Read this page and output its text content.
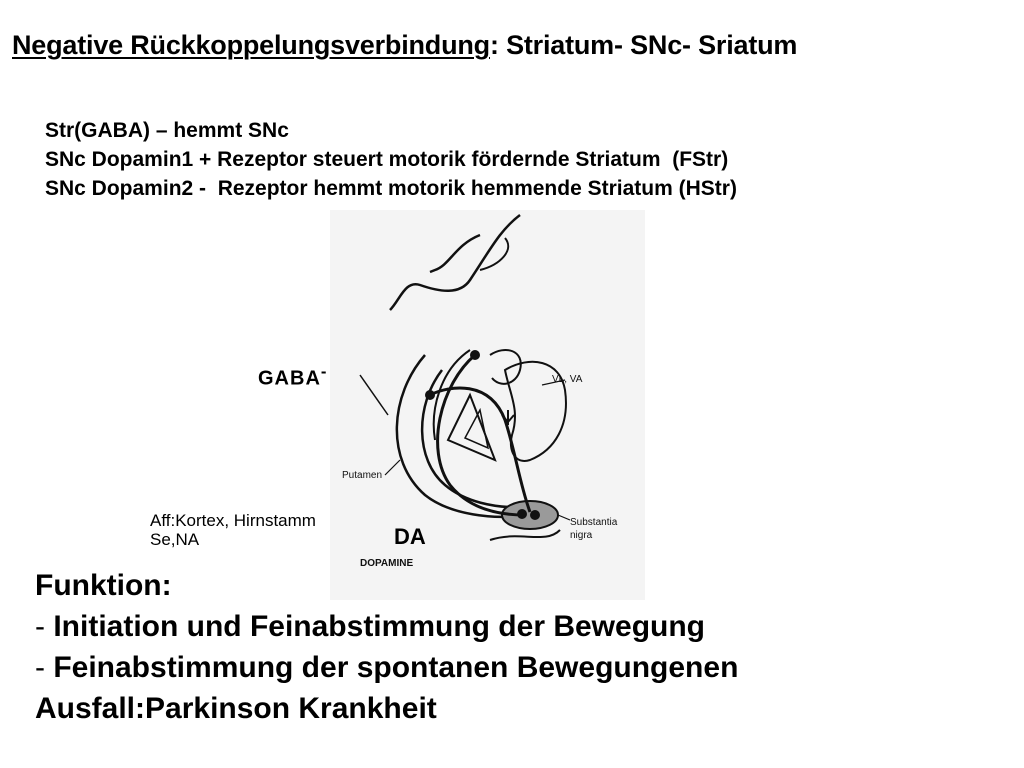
Negative Rückkoppelungsverbindung: Striatum- SNc- Sriatum
Str(GABA) – hemmt SNc
SNc Dopamin1 + Rezeptor steuert motorik fördernde Striatum  (FStr)
SNc Dopamin2 -  Rezeptor hemmt motorik hemmende Striatum (HStr)
VL, VA
Putamen
Substantia
nigra
DOPAMINE
GABA-
Aff:Kortex, Hirnstamm
Se,NA	DA
Funktion:
- Initiation und Feinabstimmung der Bewegung
- Feinabstimmung der spontanen Bewegungenen
Ausfall:Parkinson Krankheit
